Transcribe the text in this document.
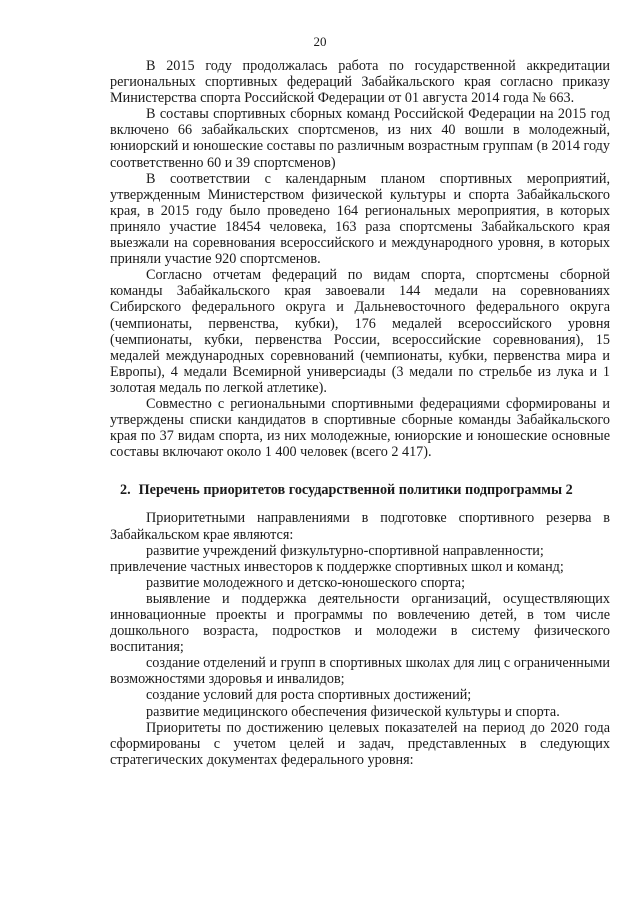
20

В 2015 году продолжалась работа по государственной аккредитации региональных спортивных федераций Забайкальского края согласно приказу Министерства спорта Российской Федерации от 01 августа 2014 года № 663.

В составы спортивных сборных команд Российской Федерации на 2015 год включено 66 забайкальских спортсменов, из них 40 вошли в молодежный, юниорский и юношеские составы по различным возрастным группам (в 2014 году соответственно 60 и 39 спортсменов)

В соответствии с календарным планом спортивных мероприятий, утвержденным Министерством физической культуры и спорта Забайкальского края, в 2015 году было проведено 164 региональных мероприятия, в которых приняло участие 18454 человека, 163 раза спортсмены Забайкальского края выезжали на соревнования всероссийского и международного уровня, в которых приняли участие 920 спортсменов.

Согласно отчетам федераций по видам спорта, спортсмены сборной команды Забайкальского края завоевали 144 медали на соревнованиях Сибирского федерального округа и Дальневосточного федерального округа (чемпионаты, первенства, кубки), 176 медалей всероссийского уровня (чемпионаты, кубки, первенства России, всероссийские соревнования), 15 медалей международных соревнований (чемпионаты, кубки, первенства мира и Европы), 4 медали Всемирной универсиады (3 медали по стрельбе из лука и 1 золотая медаль по легкой атлетике).

Совместно с региональными спортивными федерациями сформированы и утверждены списки кандидатов в спортивные сборные команды Забайкальского края по 37 видам спорта, из них молодежные, юниорские и юношеские основные составы включают около 1 400 человек (всего 2 417).

2. Перечень приоритетов государственной политики подпрограммы 2

Приоритетными направлениями в подготовке спортивного резерва в Забайкальском крае являются:

развитие учреждений физкультурно-спортивной направленности;

привлечение частных инвесторов к поддержке спортивных школ и команд;

развитие молодежного и детско-юношеского спорта;

выявление и поддержка деятельности организаций, осуществляющих инновационные проекты и программы по вовлечению детей, в том числе дошкольного возраста, подростков и молодежи в систему физического воспитания;

создание отделений и групп в спортивных школах для лиц с ограниченными возможностями здоровья и инвалидов;

создание условий для роста спортивных достижений;

развитие медицинского обеспечения физической культуры и спорта.

Приоритеты по достижению целевых показателей на период до 2020 года сформированы с учетом целей и задач, представленных в следующих стратегических документах федерального уровня:
